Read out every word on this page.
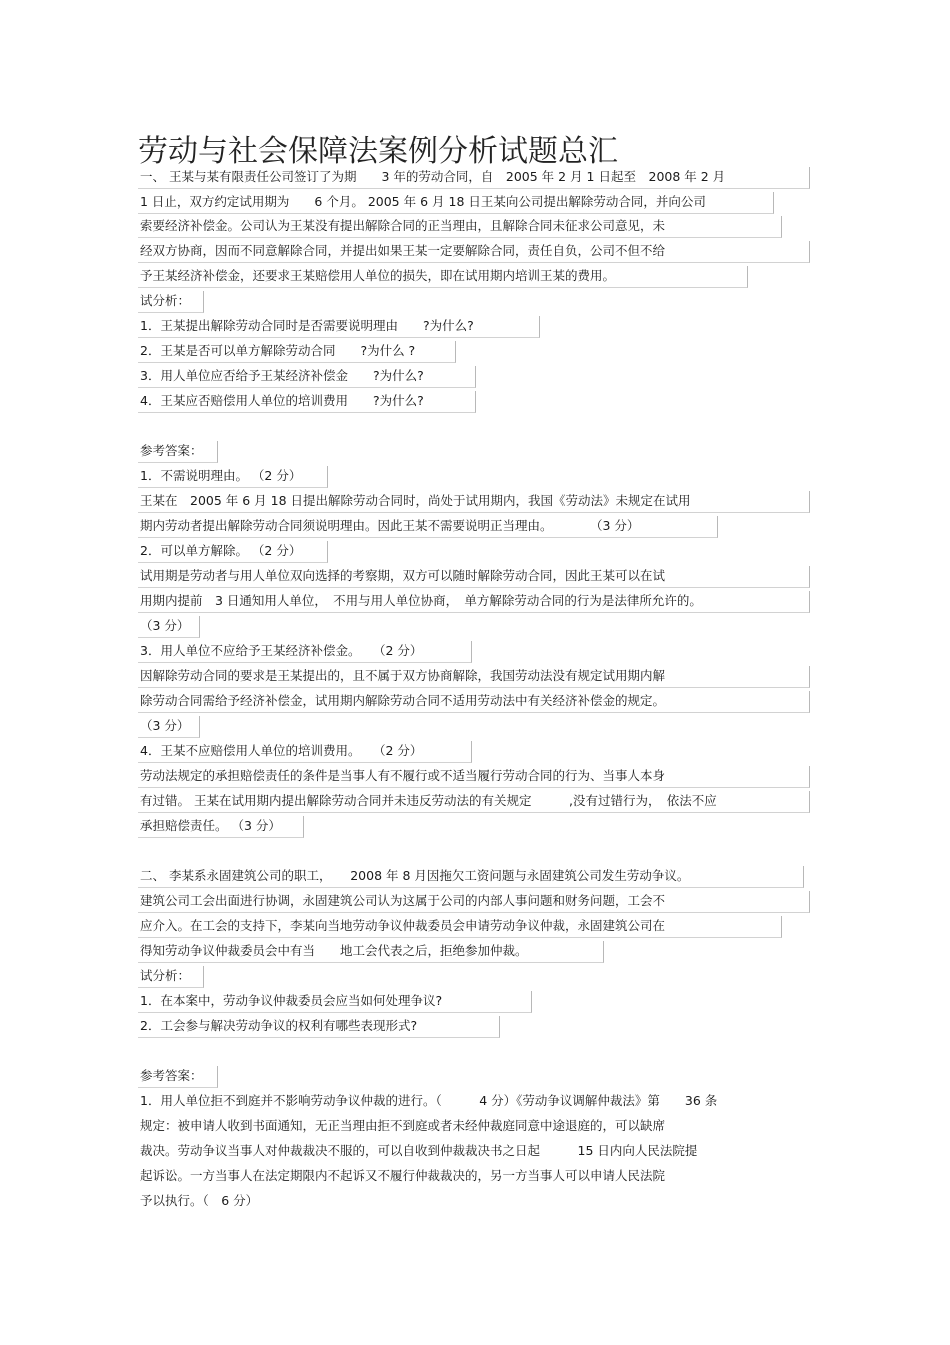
劳动与社会保障法案例分析试题总汇
一、 王某与某有限责任公司签订了为期　　3 年的劳动合同，自　2005 年 2 月 1 日起至　2008 年 2 月
1 日止，双方约定试用期为　　6 个月。 2005 年 6 月 18 日王某向公司提出解除劳动合同，并向公司
索要经济补偿金。公司认为王某没有提出解除合同的正当理由，且解除合同未征求公司意见，未
经双方协商，因而不同意解除合同，并提出如果王某一定要解除合同，责任自负，公司不但不给
予王某经济补偿金，还要求王某赔偿用人单位的损失，即在试用期内培训王某的费用。
试分析：
1．王某提出解除劳动合同时是否需要说明理由　　?为什么?
2．王某是否可以单方解除劳动合同　　?为什么 ?
3．用人单位应否给予王某经济补偿金　　?为什么?
4．王某应否赔偿用人单位的培训费用　　?为什么?
参考答案：
1．不需说明理由。 （2 分）
王某在　2005 年 6 月 18 日提出解除劳动合同时，尚处于试用期内，我国《劳动法》未规定在试用
期内劳动者提出解除劳动合同须说明理由。因此王某不需要说明正当理由。　　　　（3 分）
2．可以单方解除。 （2 分）
试用期是劳动者与用人单位双向选择的考察期，双方可以随时解除劳动合同，因此王某可以在试
用期内提前　3 日通知用人单位，　不用与用人单位协商，　单方解除劳动合同的行为是法律所允许的。
（3 分）
3．用人单位不应给予王某经济补偿金。　　（2 分）
因解除劳动合同的要求是王某提出的，且不属于双方协商解除，我国劳动法没有规定试用期内解
除劳动合同需给予经济补偿金，试用期内解除劳动合同不适用劳动法中有关经济补偿金的规定。
（3 分）
4．王某不应赔偿用人单位的培训费用。　　（2 分）
劳动法规定的承担赔偿责任的条件是当事人有不履行或不适当履行劳动合同的行为、当事人本身
有过错。 王某在试用期内提出解除劳动合同并未违反劳动法的有关规定　　　,没有过错行为，　依法不应
承担赔偿责任。 （3 分）
二、 李某系永固建筑公司的职工，　　2008 年 8 月因拖欠工资问题与永固建筑公司发生劳动争议。
建筑公司工会出面进行协调，永固建筑公司认为这属于公司的内部人事问题和财务问题，工会不
应介入。在工会的支持下，李某向当地劳动争议仲裁委员会申请劳动争议仲裁，永固建筑公司在
得知劳动争议仲裁委员会中有当　　地工会代表之后，拒绝参加仲裁。
试分析：
1．在本案中，劳动争议仲裁委员会应当如何处理争议?
2．工会参与解决劳动争议的权利有哪些表现形式?
参考答案：
1．用人单位拒不到庭并不影响劳动争议仲裁的进行。（　　　4 分）《劳动争议调解仲裁法》第　　36 条
规定：被申请人收到书面通知，无正当理由拒不到庭或者未经仲裁庭同意中途退庭的，可以缺席
裁决。劳动争议当事人对仲裁裁决不服的，可以自收到仲裁裁决书之日起　　　15 日内向人民法院提
起诉讼。一方当事人在法定期限内不起诉又不履行仲裁裁决的，另一方当事人可以申请人民法院
予以执行。（　6 分）
